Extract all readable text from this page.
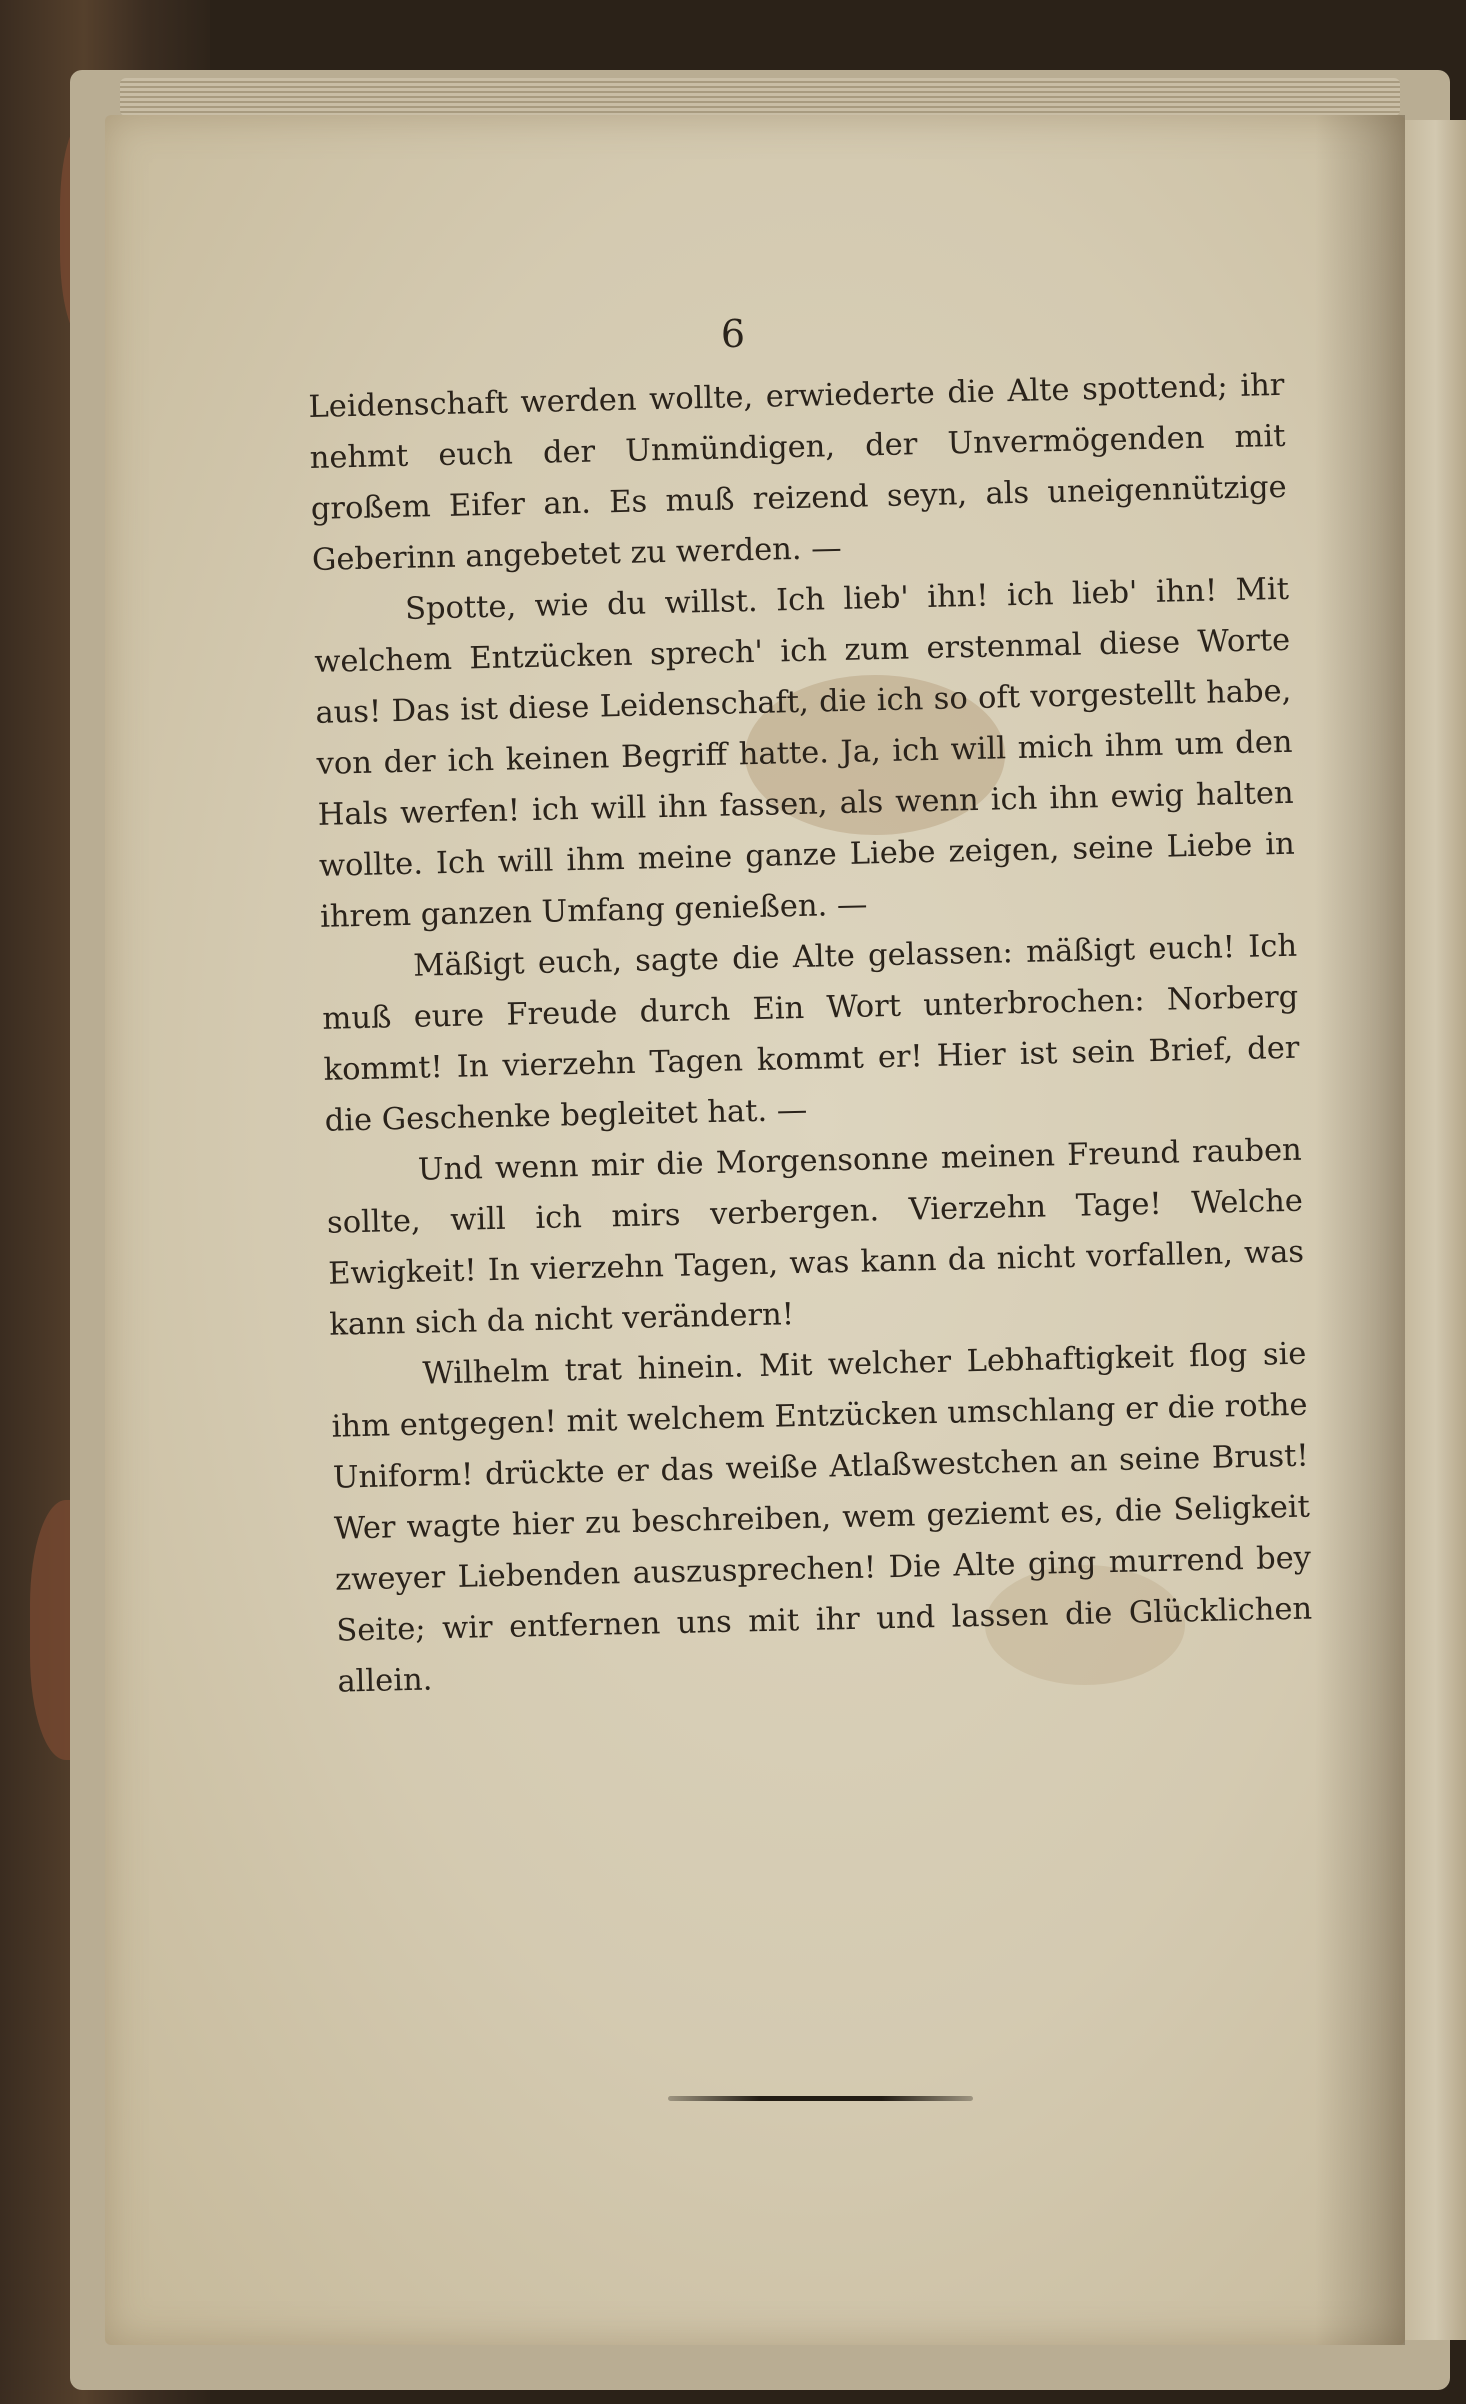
6

Leidenschaft werden wollte, erwiederte die Alte spottend; ihr nehmt euch der Unmündigen, der Unvermögenden mit großem Eifer an. Es muß reizend seyn, als uneigennützige Geberinn angebetet zu werden. —

Spotte, wie du willst. Ich lieb' ihn! ich lieb' ihn! Mit welchem Entzücken sprech' ich zum erstenmal diese Worte aus! Das ist diese Leidenschaft, die ich so oft vorgestellt habe, von der ich keinen Begriff hatte. Ja, ich will mich ihm um den Hals werfen! ich will ihn fassen, als wenn ich ihn ewig halten wollte. Ich will ihm meine ganze Liebe zeigen, seine Liebe in ihrem ganzen Umfang genießen. —

Mäßigt euch, sagte die Alte gelassen: mäßigt euch! Ich muß eure Freude durch Ein Wort unterbrochen: Norberg kommt! In vierzehn Tagen kommt er! Hier ist sein Brief, der die Geschenke begleitet hat. —

Und wenn mir die Morgensonne meinen Freund rauben sollte, will ich mirs verbergen. Vierzehn Tage! Welche Ewigkeit! In vierzehn Tagen, was kann da nicht vorfallen, was kann sich da nicht verändern!

Wilhelm trat hinein. Mit welcher Lebhaftigkeit flog sie ihm entgegen! mit welchem Entzücken umschlang er die rothe Uniform! drückte er das weiße Atlaßwestchen an seine Brust! Wer wagte hier zu beschreiben, wem geziemt es, die Seligkeit zweyer Liebenden auszusprechen! Die Alte ging murrend bey Seite; wir entfernen uns mit ihr und lassen die Glücklichen allein.
